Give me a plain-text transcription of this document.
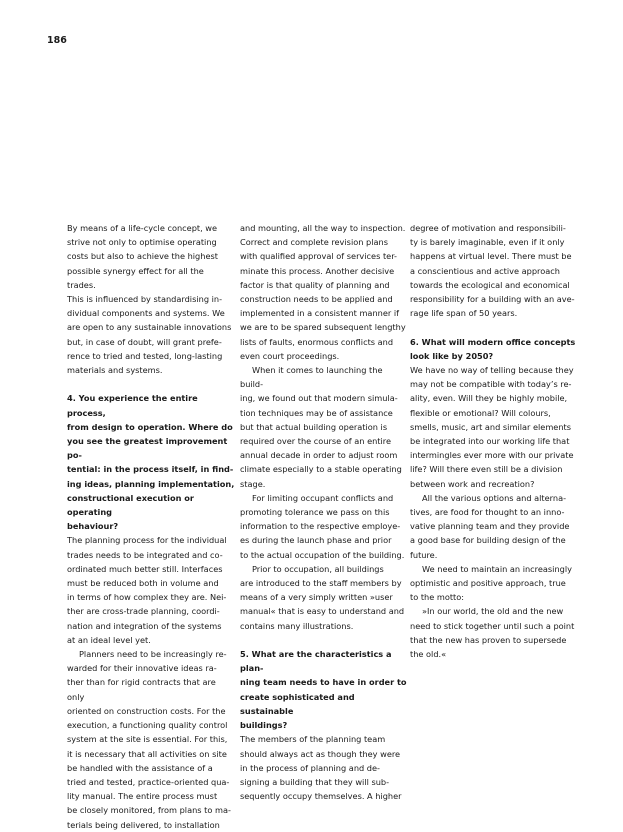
186

By means of a life-cycle concept, we
strive not only to optimise operating
costs but also to achieve the highest
possible synergy effect for all the trades.
This is influenced by standardising in-
dividual components and systems. We
are open to any sustainable innovations
but, in case of doubt, will grant prefe-
rence to tried and tested, long-lasting
materials and systems.

4. You experience the entire process,
from design to operation. Where do
you see the greatest improvement po-
tential: in the process itself, in find-
ing ideas, planning implementation,
constructional execution or operating
behaviour?

The planning process for the individual
trades needs to be integrated and co-
ordinated much better still. Interfaces
must be reduced both in volume and
in terms of how complex they are. Nei-
ther are cross-trade planning, coordi-
nation and integration of the systems
at an ideal level yet.

Planners need to be increasingly re-
warded for their innovative ideas ra-
ther than for rigid contracts that are only
oriented on construction costs. For the
execution, a functioning quality control
system at the site is essential. For this,
it is necessary that all activities on site
be handled with the assistance of a
tried and tested, practice-oriented qua-
lity manual. The entire process must
be closely monitored, from plans to ma-
terials being delivered, to installation

and mounting, all the way to inspection.
Correct and complete revision plans
with qualified approval of services ter-
minate this process. Another decisive
factor is that quality of planning and
construction needs to be applied and
implemented in a consistent manner if
we are to be spared subsequent lengthy
lists of faults, enormous conflicts and
even court proceedings.

When it comes to launching the build-
ing, we found out that modern simula-
tion techniques may be of assistance
but that actual building operation is
required over the course of an entire
annual decade in order to adjust room
climate especially to a stable operating
stage.

For limiting occupant conflicts and
promoting tolerance we pass on this
information to the respective employe-
es during the launch phase and prior
to the actual occupation of the building.

Prior to occupation, all buildings
are introduced to the staff members by
means of a very simply written »user
manual« that is easy to understand and
contains many illustrations.

5. What are the characteristics a plan-
ning team needs to have in order to
create sophisticated and sustainable
buildings?

The members of the planning team
should always act as though they were
in the process of planning and de-
signing a building that they will sub-
sequently occupy themselves. A higher

degree of motivation and responsibili-
ty is barely imaginable, even if it only
happens at virtual level. There must be
a conscientious and active approach
towards the ecological and economical
responsibility for a building with an ave-
rage life span of 50 years.

6. What will modern office concepts
look like by 2050?

We have no way of telling because they
may not be compatible with today’s re-
ality, even. Will they be highly mobile,
flexible or emotional? Will colours,
smells, music, art and similar elements
be integrated into our working life that
intermingles ever more with our private
life? Will there even still be a division
between work and recreation?

All the various options and alterna-
tives, are food for thought to an inno-
vative planning team and they provide
a good base for building design of the
future.

We need to maintain an increasingly
optimistic and positive approach, true
to the motto:

»In our world, the old and the new
need to stick together until such a point
that the new has proven to supersede
the old.«
